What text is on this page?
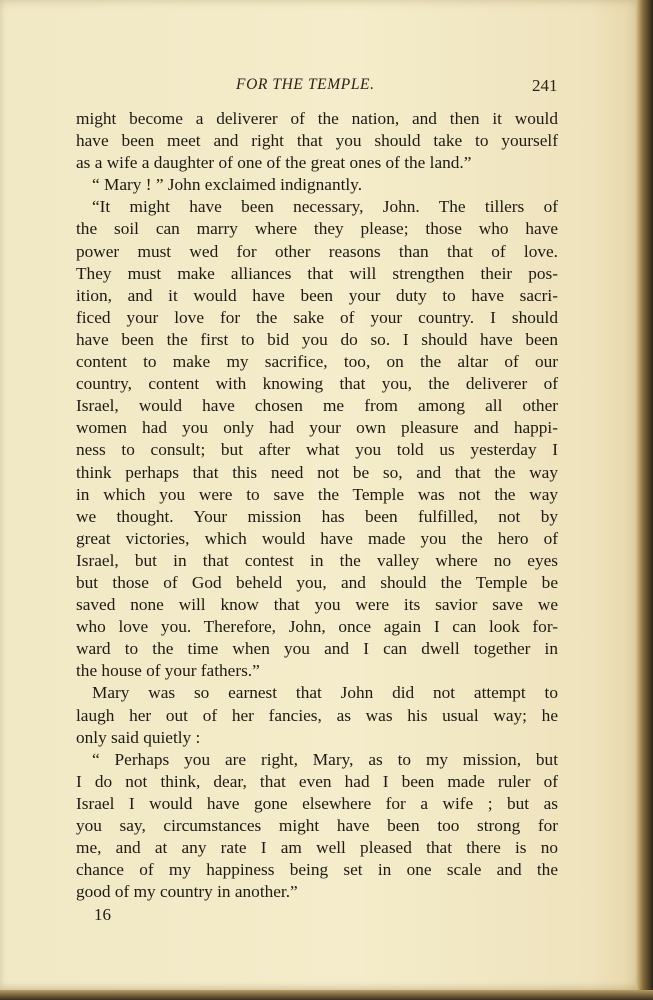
FOR THE TEMPLE.	241
might become a deliverer of the nation, and then it would
have been meet and right that you should take to yourself
as a wife a daughter of one of the great ones of the land.”
“ Mary ! ” John exclaimed indignantly.
“It might have been necessary, John. The tillers of
the soil can marry where they please; those who have
power must wed for other reasons than that of love.
They must make alliances that will strengthen their pos-
ition, and it would have been your duty to have sacri-
ficed your love for the sake of your country. I should
have been the first to bid you do so. I should have been
content to make my sacrifice, too, on the altar of our
country, content with knowing that you, the deliverer of
Israel, would have chosen me from among all other
women had you only had your own pleasure and happi-
ness to consult; but after what you told us yesterday I
think perhaps that this need not be so, and that the way
in which you were to save the Temple was not the way
we thought. Your mission has been fulfilled, not by
great victories, which would have made you the hero of
Israel, but in that contest in the valley where no eyes
but those of God beheld you, and should the Temple be
saved none will know that you were its savior save we
who love you. Therefore, John, once again I can look for-
ward to the time when you and I can dwell together in
the house of your fathers.”
Mary was so earnest that John did not attempt to
laugh her out of her fancies, as was his usual way; he
only said quietly :
“ Perhaps you are right, Mary, as to my mission, but
I do not think, dear, that even had I been made ruler of
Israel I would have gone elsewhere for a wife ; but as
you say, circumstances might have been too strong for
me, and at any rate I am well pleased that there is no
chance of my happiness being set in one scale and the
good of my country in another.”
16
